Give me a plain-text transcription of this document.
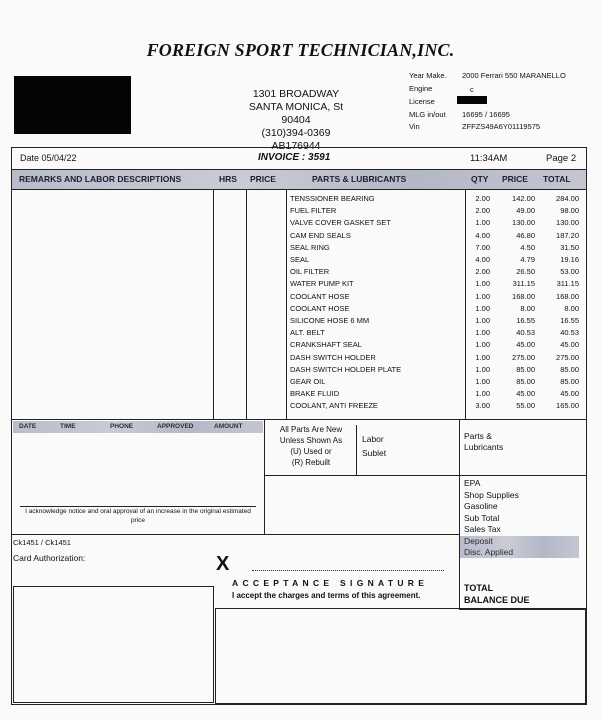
FOREIGN SPORT TECHNICIAN,INC.
1301 BROADWAY
SANTA MONICA, St 90404
(310)394-0369
AB176944
Year Make. 2000 Ferrari 550 MARANELLO
Engine	c
License
MLG in/out 16695 / 16695
Vin	ZFFZS49A6Y01119575
Date 05/04/22	INVOICE : 3591	11:34AM	Page 2
REMARKS AND LABOR DESCRIPTIONS	HRS PRICE	PARTS & LUBRICANTS	QTY PRICE TOTAL
TENSSIONER BEARING	2.00	142.00	284.00
FUEL FILTER	2.00	49.00	98.00
VALVE COVER GASKET SET	1.00	130.00	130.00
CAM END SEALS	4.00	46.80	187.20
SEAL RING	7.00	4.50	31.50
SEAL	4.00	4.79	19.16
OIL FILTER	2.00	26.50	53.00
WATER PUMP KIT	1.00	311.15	311.15
COOLANT HOSE	1.00	168.00	168.00
COOLANT HOSE	1.00	8.00	8.00
SILICONE HOSE 6 MM	1.00	16.55	16.55
ALT. BELT	1.00	40.53	40.53
CRANKSHAFT SEAL	1.00	45.00	45.00
DASH SWITCH HOLDER	1.00	275.00	275.00
DASH SWITCH HOLDER PLATE	1.00	85.00	85.00
GEAR OIL	1.00	85.00	85.00
BRAKE FLUID	1.00	45.00	45.00
COOLANT, ANTI FREEZE	3.00	55.00	165.00
DATE	TIME	PHONE	APPROVED	AMOUNT
I acknowledge notice and oral approval of an increase in the original estimated price
All Parts Are New
Unless Shown As
(U) Used or
(R) Rebuilt
Labor
Sublet
Parts &
Lubricants
EPA
Shop Supplies
Gasoline
Sub Total
Sales Tax
Deposit
Disc. Applied
TOTAL
BALANCE DUE
Ck1451 / Ck1451
Card Authorization:	X
ACCEPTANCE SIGNATURE
I accept the charges and terms of this agreement.
